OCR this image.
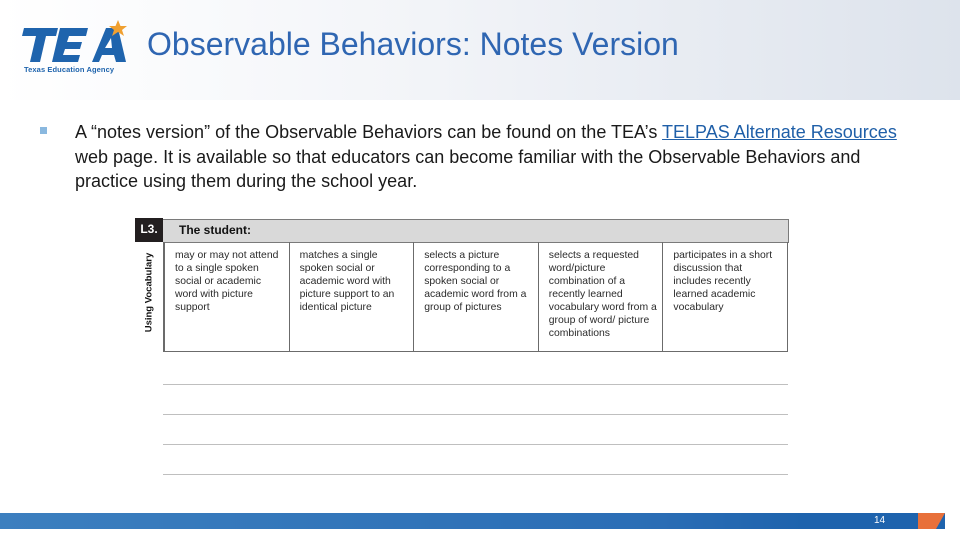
Texas Education Agency
Observable Behaviors: Notes Version
A “notes version” of the Observable Behaviors can be found on the TEA’s TELPAS Alternate Resources web page. It is available so that educators can become familiar with the Observable Behaviors and practice using them during the school year.
L3.	The student:
Using Vocabulary	may or may not attend to a single spoken social or academic word with picture support
matches a single spoken social or academic word with picture support to an identical picture
selects a picture corresponding to a spoken social or academic word from a group of pictures
selects a requested word/picture combination of a recently learned vocabulary word from a group of word/ picture combinations
participates in a short discussion that includes recently learned academic vocabulary
14
